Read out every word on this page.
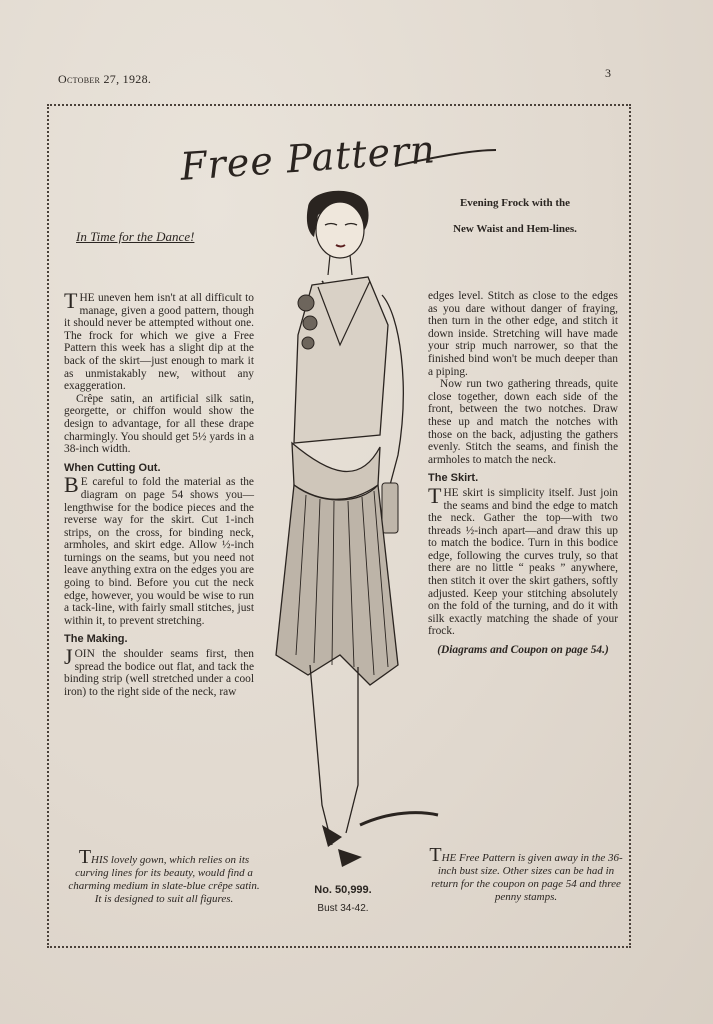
October 27, 1928.	3
Free Pattern
In Time for the Dance!
Evening Frock with the
New Waist and Hem-lines.

THE uneven hem isn't at all difficult to manage, given a good pattern, though it should never be attempted without one. The frock for which we give a Free Pattern this week has a slight dip at the back of the skirt—just enough to mark it as unmistakably new, without any exaggeration.

Crêpe satin, an artificial silk satin, georgette, or chiffon would show the design to advantage, for all these drape charmingly. You should get 5½ yards in a 38-inch width.

When Cutting Out.

BE careful to fold the material as the diagram on page 54 shows you—lengthwise for the bodice pieces and the reverse way for the skirt. Cut 1-inch strips, on the cross, for binding neck, armholes, and skirt edge. Allow ½-inch turnings on the seams, but you need not leave anything extra on the edges you are going to bind. Before you cut the neck edge, however, you would be wise to run a tack-line, with fairly small stitches, just within it, to prevent stretching.

The Making.

JOIN the shoulder seams first, then spread the bodice out flat, and tack the binding strip (well stretched under a cool iron) to the right side of the neck, raw

edges level. Stitch as close to the edges as you dare without danger of fraying, then turn in the other edge, and stitch it down inside. Stretching will have made your strip much narrower, so that the finished bind won't be much deeper than a piping.

Now run two gathering threads, quite close together, down each side of the front, between the two notches. Draw these up and match the notches with those on the back, adjusting the gathers evenly. Stitch the seams, and finish the armholes to match the neck.

The Skirt.

THE skirt is simplicity itself. Just join the seams and bind the edge to match the neck. Gather the top—with two threads ½-inch apart—and draw this up to match the bodice. Turn in this bodice edge, following the curves truly, so that there are no little “ peaks ” anywhere, then stitch it over the skirt gathers, softly adjusted. Keep your stitching absolutely on the fold of the turning, and do it with silk exactly matching the shade of your frock.

(Diagrams and Coupon on page 54.)

THIS lovely gown, which relies on its curving lines for its beauty, would find a charming medium in slate-blue crêpe satin. It is designed to suit all figures.
THE Free Pattern is given away in the 36-inch bust size. Other sizes can be had in return for the coupon on page 54 and three penny stamps.
No. 50,999.
Bust 34-42.
